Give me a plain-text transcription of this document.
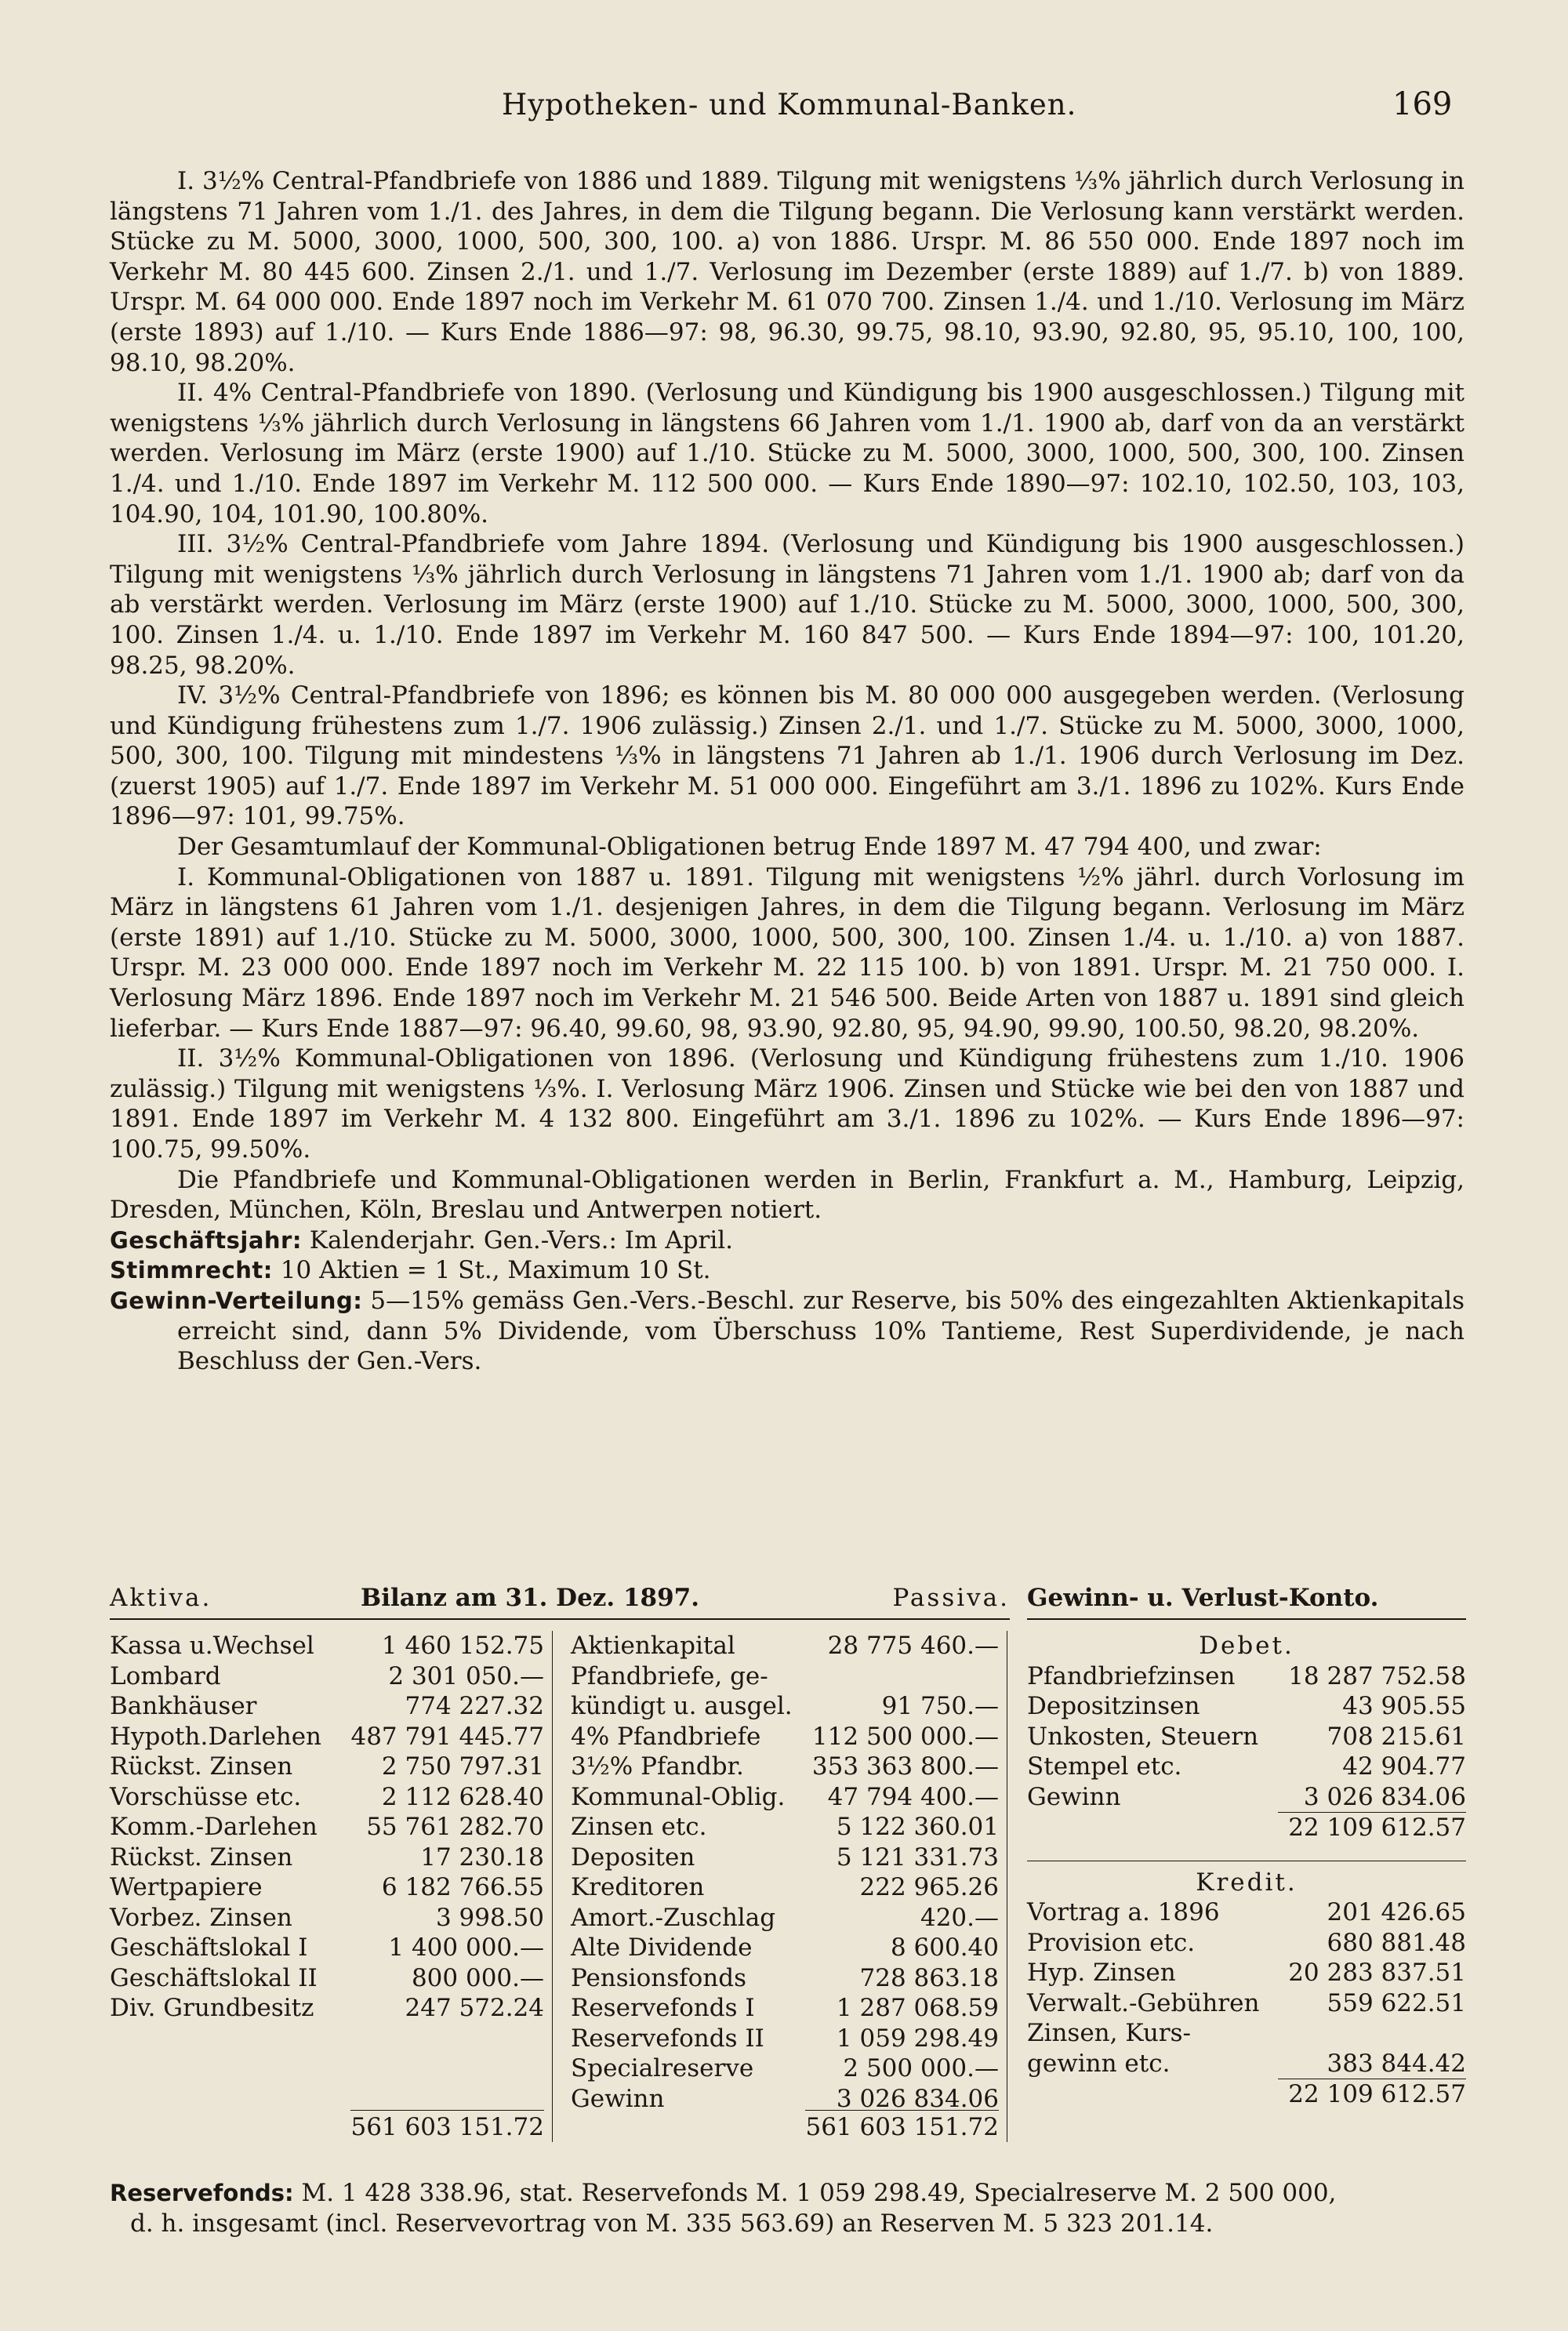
Hypotheken- und Kommunal-Banken.	169

I. 3½% Central-Pfandbriefe von 1886 und 1889. Tilgung mit wenigstens ⅓% jährlich durch Verlosung in längstens 71 Jahren vom 1./1. des Jahres, in dem die Tilgung begann. Die Verlosung kann verstärkt werden. Stücke zu M. 5000, 3000, 1000, 500, 300, 100. a) von 1886. Urspr. M. 86 550 000. Ende 1897 noch im Verkehr M. 80 445 600. Zinsen 2./1. und 1./7. Verlosung im Dezember (erste 1889) auf 1./7. b) von 1889. Urspr. M. 64 000 000. Ende 1897 noch im Verkehr M. 61 070 700. Zinsen 1./4. und 1./10. Verlosung im März (erste 1893) auf 1./10. — Kurs Ende 1886—97: 98, 96.30, 99.75, 98.10, 93.90, 92.80, 95, 95.10, 100, 100, 98.10, 98.20%.

II. 4% Central-Pfandbriefe von 1890. (Verlosung und Kündigung bis 1900 ausgeschlossen.) Tilgung mit wenigstens ⅓% jährlich durch Verlosung in längstens 66 Jahren vom 1./1. 1900 ab, darf von da an verstärkt werden. Verlosung im März (erste 1900) auf 1./10. Stücke zu M. 5000, 3000, 1000, 500, 300, 100. Zinsen 1./4. und 1./10. Ende 1897 im Verkehr M. 112 500 000. — Kurs Ende 1890—97: 102.10, 102.50, 103, 103, 104.90, 104, 101.90, 100.80%.

III. 3½% Central-Pfandbriefe vom Jahre 1894. (Verlosung und Kündigung bis 1900 ausgeschlossen.) Tilgung mit wenigstens ⅓% jährlich durch Verlosung in längstens 71 Jahren vom 1./1. 1900 ab; darf von da ab verstärkt werden. Verlosung im März (erste 1900) auf 1./10. Stücke zu M. 5000, 3000, 1000, 500, 300, 100. Zinsen 1./4. u. 1./10. Ende 1897 im Verkehr M. 160 847 500. — Kurs Ende 1894—97: 100, 101.20, 98.25, 98.20%.

IV. 3½% Central-Pfandbriefe von 1896; es können bis M. 80 000 000 ausgegeben werden. (Verlosung und Kündigung frühestens zum 1./7. 1906 zulässig.) Zinsen 2./1. und 1./7. Stücke zu M. 5000, 3000, 1000, 500, 300, 100. Tilgung mit mindestens ⅓% in längstens 71 Jahren ab 1./1. 1906 durch Verlosung im Dez. (zuerst 1905) auf 1./7. Ende 1897 im Verkehr M. 51 000 000. Eingeführt am 3./1. 1896 zu 102%. Kurs Ende 1896—97: 101, 99.75%.

Der Gesamtumlauf der Kommunal-Obligationen betrug Ende 1897 M. 47 794 400, und zwar:

I. Kommunal-Obligationen von 1887 u. 1891. Tilgung mit wenigstens ½% jährl. durch Vorlosung im März in längstens 61 Jahren vom 1./1. desjenigen Jahres, in dem die Tilgung begann. Verlosung im März (erste 1891) auf 1./10. Stücke zu M. 5000, 3000, 1000, 500, 300, 100. Zinsen 1./4. u. 1./10. a) von 1887. Urspr. M. 23 000 000. Ende 1897 noch im Verkehr M. 22 115 100. b) von 1891. Urspr. M. 21 750 000. I. Verlosung März 1896. Ende 1897 noch im Verkehr M. 21 546 500. Beide Arten von 1887 u. 1891 sind gleich lieferbar. — Kurs Ende 1887—97: 96.40, 99.60, 98, 93.90, 92.80, 95, 94.90, 99.90, 100.50, 98.20, 98.20%.

II. 3½% Kommunal-Obligationen von 1896. (Verlosung und Kündigung frühestens zum 1./10. 1906 zulässig.) Tilgung mit wenigstens ⅓%. I. Verlosung März 1906. Zinsen und Stücke wie bei den von 1887 und 1891. Ende 1897 im Verkehr M. 4 132 800. Eingeführt am 3./1. 1896 zu 102%. — Kurs Ende 1896—97: 100.75, 99.50%.

Die Pfandbriefe und Kommunal-Obligationen werden in Berlin, Frankfurt a. M., Hamburg, Leipzig, Dresden, München, Köln, Breslau und Antwerpen notiert.

Geschäftsjahr: Kalenderjahr. Gen.-Vers.: Im April.

Stimmrecht: 10 Aktien = 1 St., Maximum 10 St.

Gewinn-Verteilung: 5—15% gemäss Gen.-Vers.-Beschl. zur Reserve, bis 50% des eingezahlten Aktienkapitals erreicht sind, dann 5% Dividende, vom Überschuss 10% Tantieme, Rest Superdividende, je nach Beschluss der Gen.-Vers.

Aktiva.	Bilanz am 31. Dez. 1897.	Passiva.
Kassa u.Wechsel	1 460 152.75
Lombard	2 301 050.—
Bankhäuser	774 227.32
Hypoth.Darlehen 487 791 445.77
Rückst. Zinsen	2 750 797.31
Vorschüsse etc.	2 112 628.40
Komm.-Darlehen 55 761 282.70
Rückst. Zinsen	17 230.18
Wertpapiere	6 182 766.55
Vorbez. Zinsen	3 998.50
Geschäftslokal I	1 400 000.—
Geschäftslokal II	800 000.—
Div. Grundbesitz	247 572.24
561 603 151.72
Aktienkapital	28 775 460.—
Pfandbriefe, ge-
kündigt u. ausgel.	91 750.—
4% Pfandbriefe 112 500 000.—
3½% Pfandbr.	353 363 800.—
Kommunal-Oblig. 47 794 400.—
Zinsen etc.	5 122 360.01
Depositen	5 121 331.73
Kreditoren	222 965.26
Amort.-Zuschlag	420.—
Alte Dividende	8 600.40
Pensionsfonds	728 863.18
Reservefonds I	1 287 068.59
Reservefonds II	1 059 298.49
Specialreserve	2 500 000.—
Gewinn	3 026 834.06
561 603 151.72
Gewinn- u. Verlust-Konto.
Debet.
Pfandbriefzinsen 18 287 752.58
Depositzinsen	43 905.55
Unkosten, Steuern	708 215.61
Stempel etc.	42 904.77
Gewinn	3 026 834.06
22 109 612.57
Kredit.
Vortrag a. 1896	201 426.65
Provision etc.	680 881.48
Hyp. Zinsen	20 283 837.51
Verwalt.-Gebühren	559 622.51
Zinsen, Kurs-
gewinn etc.	383 844.42
22 109 612.57
Reservefonds: M. 1 428 338.96, stat. Reservefonds M. 1 059 298.49, Specialreserve M. 2 500 000,
d. h. insgesamt (incl. Reservevortrag von M. 335 563.69) an Reserven M. 5 323 201.14.
